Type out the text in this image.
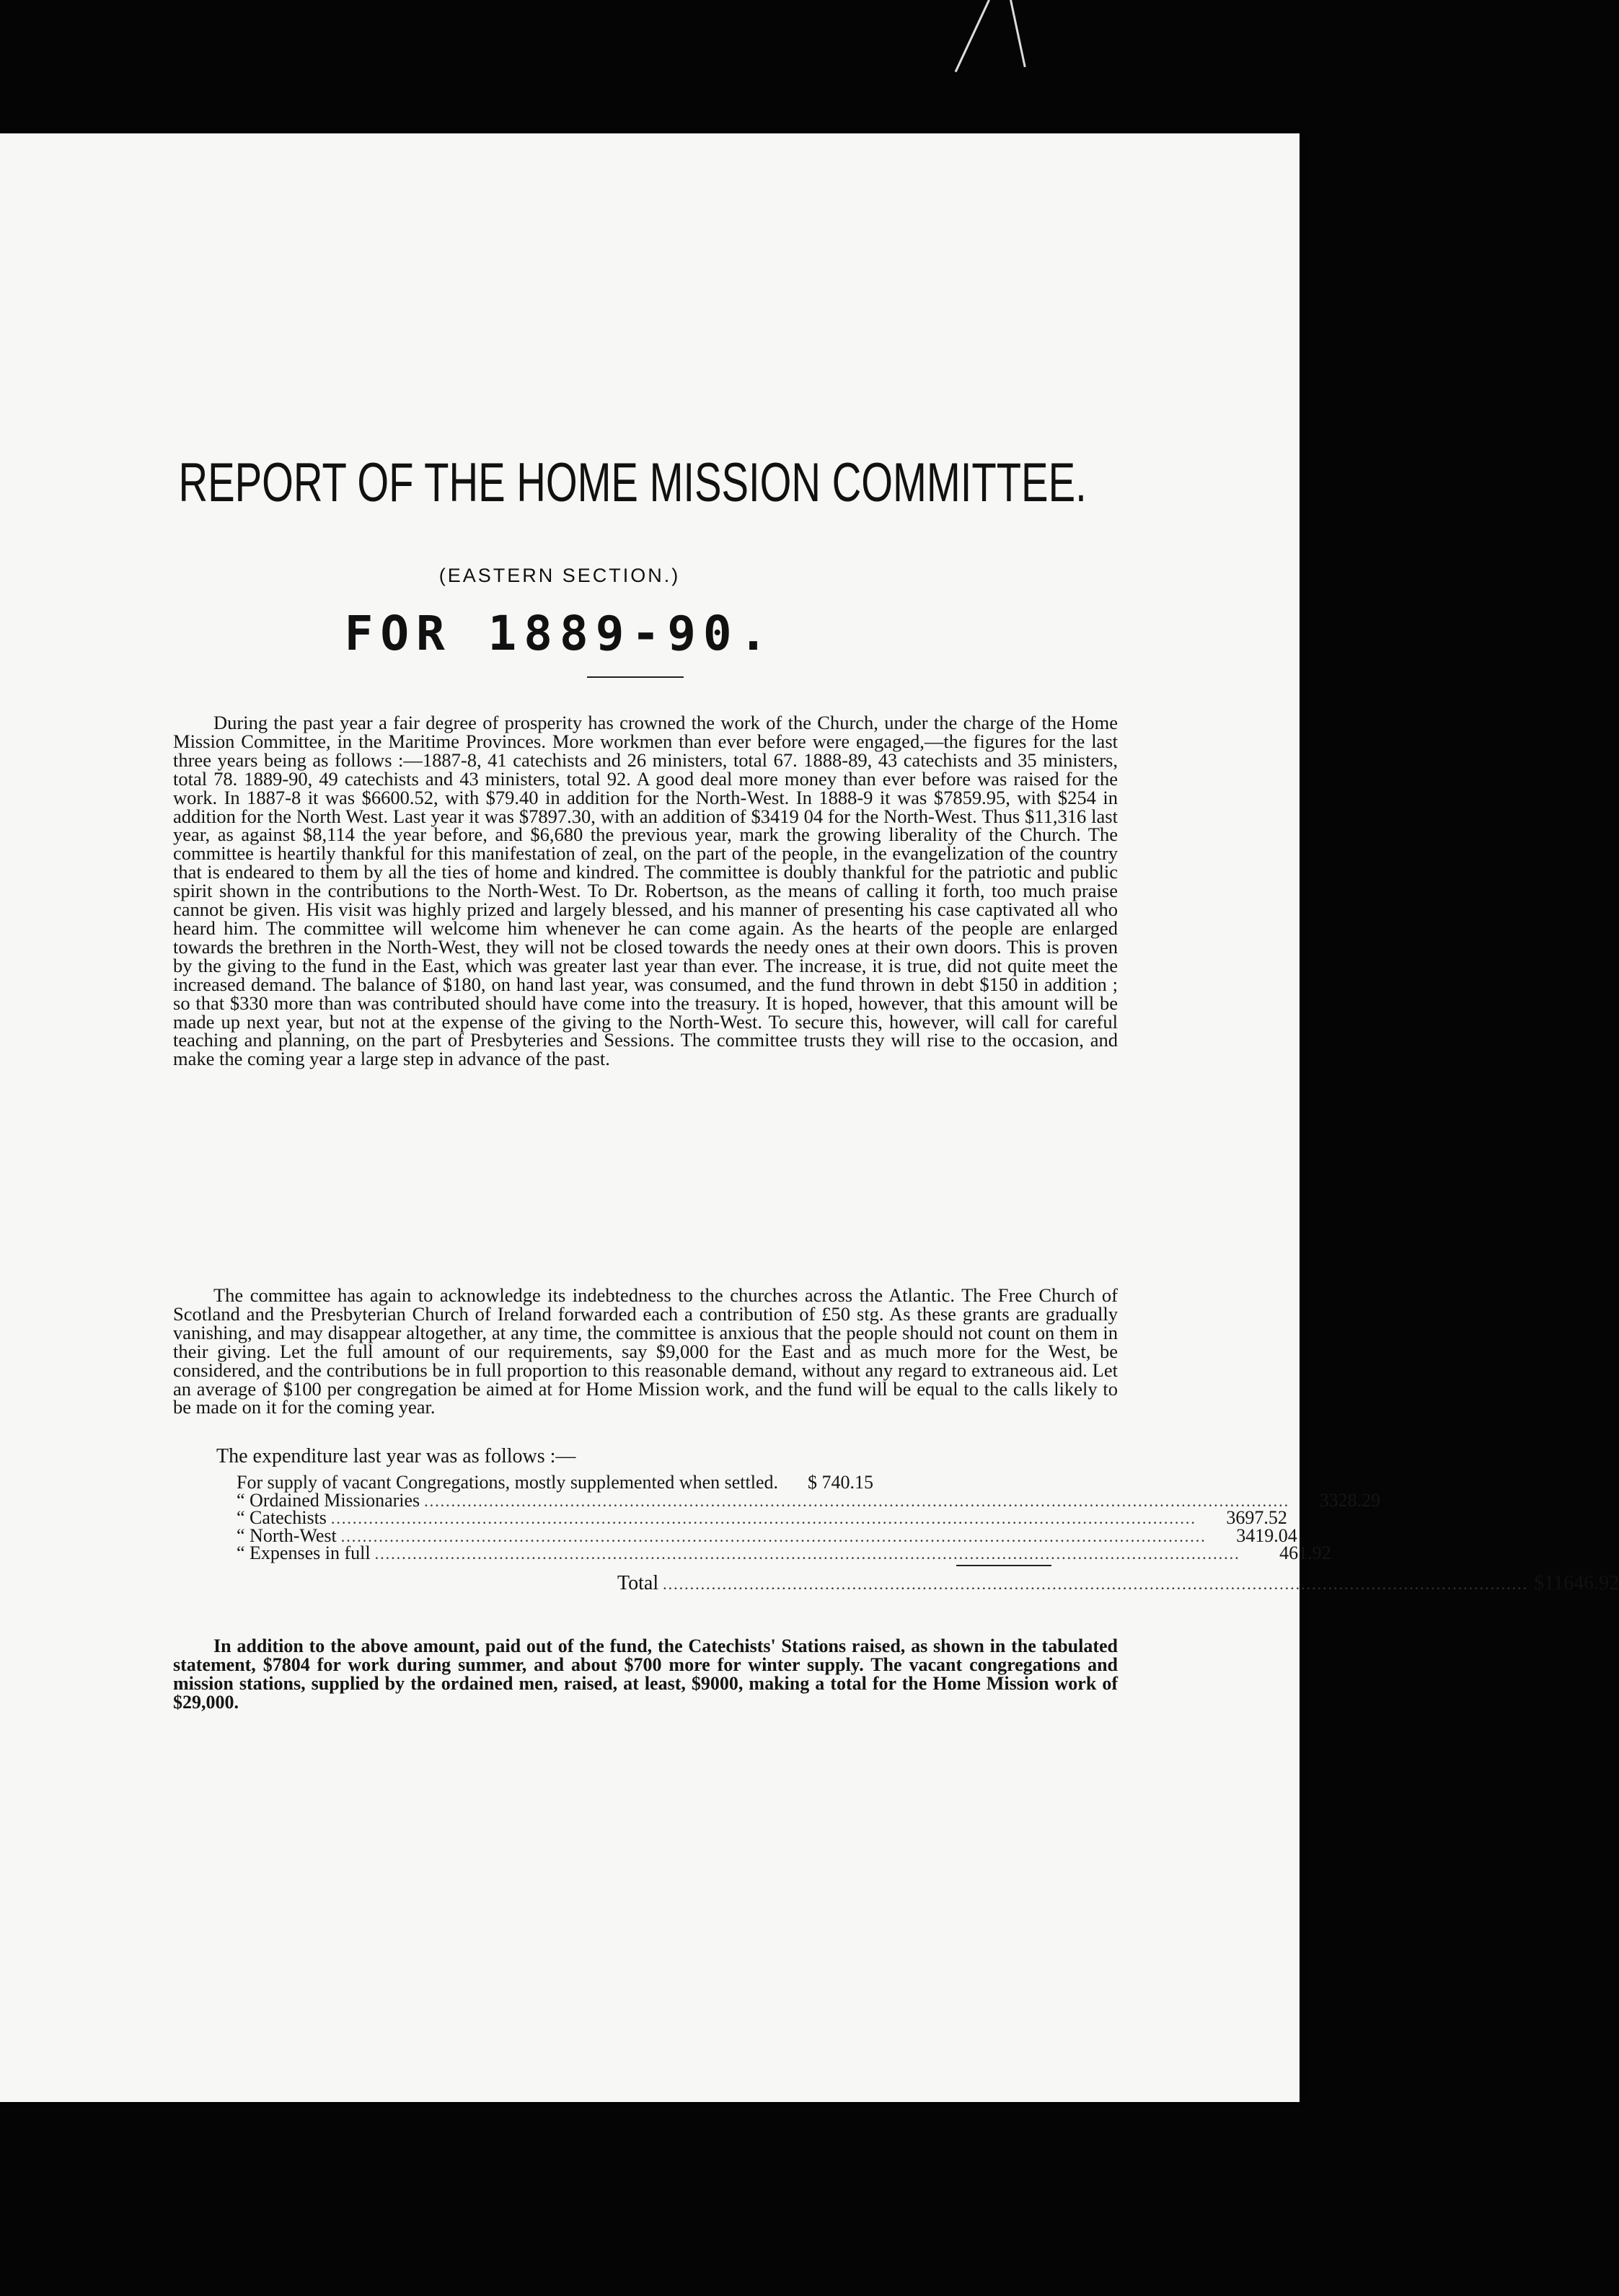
REPORT OF THE HOME MISSION COMMITTEE.
(EASTERN SECTION.)
FOR 1889-90.

During the past year a fair degree of prosperity has crowned the work of the Church, under the charge of the Home Mission Committee, in the Maritime Provinces. More workmen than ever before were engaged,—the figures for the last three years being as follows :—1887-8, 41 catechists and 26 ministers, total 67. 1888-89, 43 catechists and 35 ministers, total 78. 1889-90, 49 catechists and 43 ministers, total 92. A good deal more money than ever before was raised for the work. In 1887-8 it was $6600.52, with $79.40 in addition for the North-West. In 1888-9 it was $7859.95, with $254 in addition for the North West. Last year it was $7897.30, with an addition of $3419 04 for the North-West. Thus $11,316 last year, as against $8,114 the year before, and $6,680 the previous year, mark the growing liberality of the Church. The committee is heartily thankful for this manifestation of zeal, on the part of the people, in the evangelization of the country that is endeared to them by all the ties of home and kindred. The committee is doubly thankful for the patriotic and public spirit shown in the contributions to the North-West. To Dr. Robertson, as the means of calling it forth, too much praise cannot be given. His visit was highly prized and largely blessed, and his manner of presenting his case captivated all who heard him. The committee will welcome him whenever he can come again. As the hearts of the people are enlarged towards the brethren in the North-West, they will not be closed towards the needy ones at their own doors. This is proven by the giving to the fund in the East, which was greater last year than ever. The increase, it is true, did not quite meet the increased demand. The balance of $180, on hand last year, was consumed, and the fund thrown in debt $150 in addition ; so that $330 more than was contributed should have come into the treasury. It is hoped, however, that this amount will be made up next year, but not at the expense of the giving to the North-West. To secure this, however, will call for careful teaching and planning, on the part of Presbyteries and Sessions. The committee trusts they will rise to the occasion, and make the coming year a large step in advance of the past.

The committee has again to acknowledge its indebtedness to the churches across the Atlantic. The Free Church of Scotland and the Presbyterian Church of Ireland forwarded each a contribution of £50 stg. As these grants are gradually vanishing, and may disappear altogether, at any time, the committee is anxious that the people should not count on them in their giving. Let the full amount of our requirements, say $9,000 for the East and as much more for the West, be considered, and the contributions be in full proportion to this reasonable demand, without any regard to extraneous aid. Let an average of $100 per congregation be aimed at for Home Mission work, and the fund will be equal to the calls likely to be made on it for the coming year.

The expenditure last year was as follows :—
For supply of vacant Congregations, mostly supplemented when settled.	$ 740.15
“ Ordained Missionaries ................................................................................................................................................................	3328.29
“ Catechists ................................................................................................................................................................	3697.52
“ North-West ................................................................................................................................................................	3419.04
“ Expenses in full ................................................................................................................................................................	461.92
Total ................................................................................................................................................................ $11646.92

In addition to the above amount, paid out of the fund, the Catechists' Stations raised, as shown in the tabulated statement, $7804 for work during summer, and about $700 more for winter supply. The vacant congregations and mission stations, supplied by the ordained men, raised, at least, $9000, making a total for the Home Mission work of $29,000.
